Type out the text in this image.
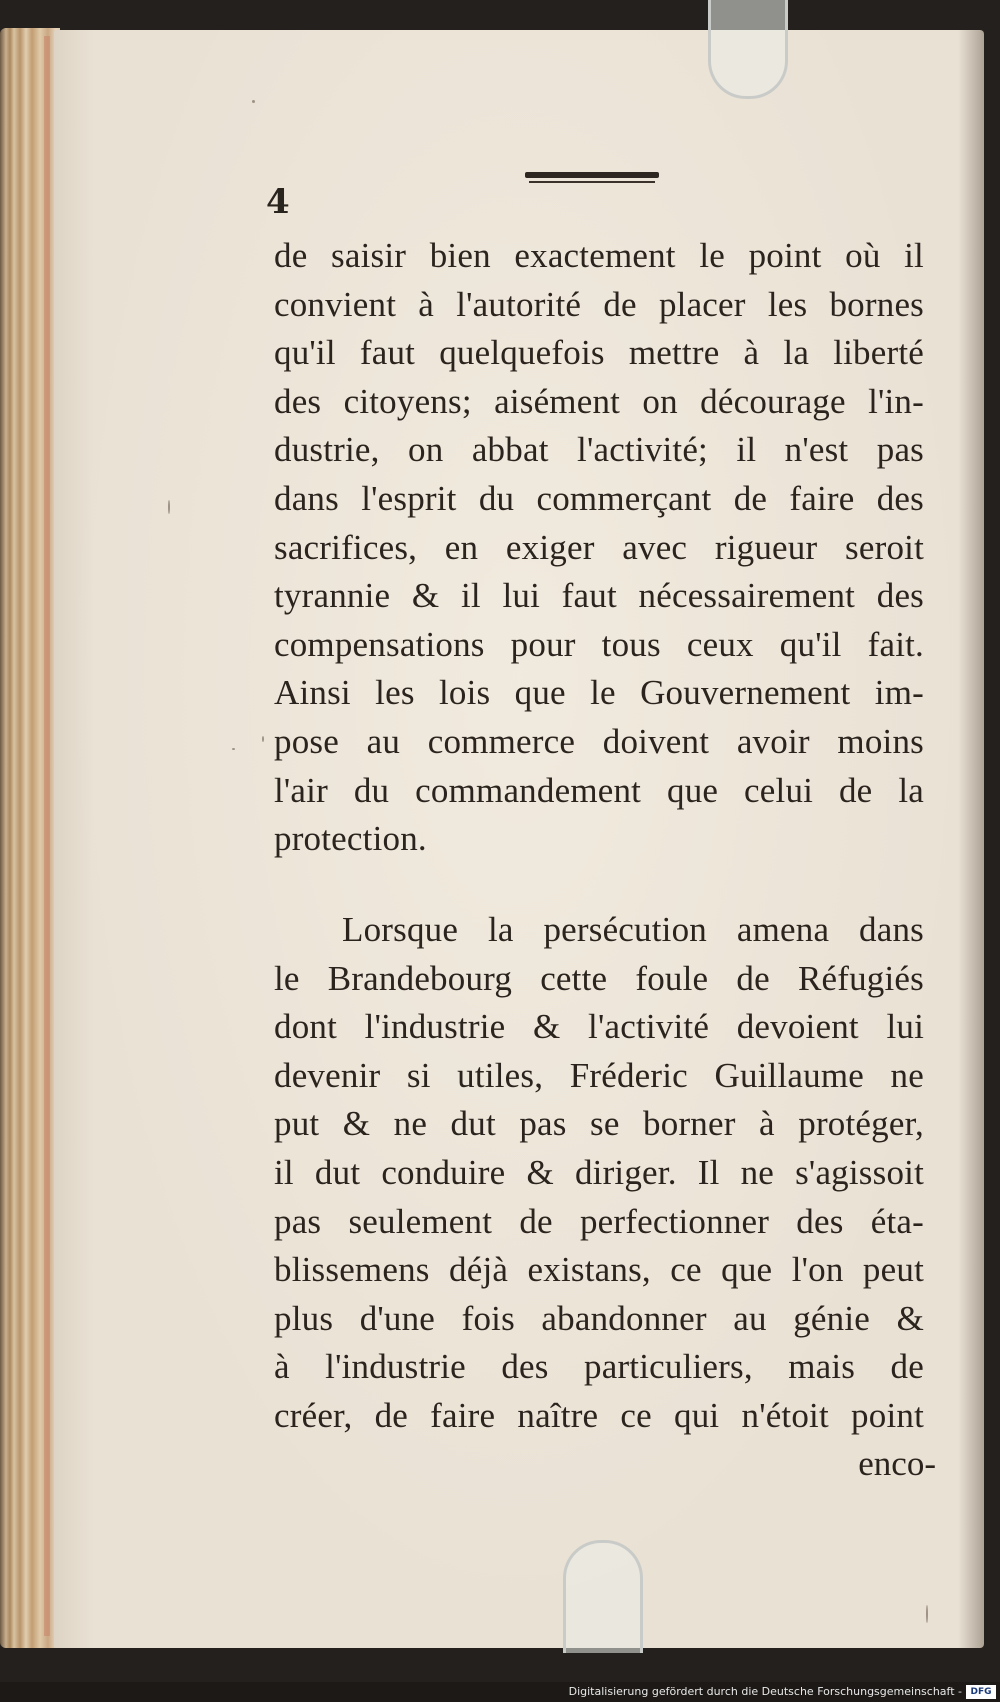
4
de saisir bien exactement le point où il
convient à l'autorité de placer les bornes
qu'il faut quelquefois mettre à la liberté
des citoyens; aisément on décourage l'in-
dustrie, on abbat l'activité; il n'est pas
dans l'esprit du commerçant de faire des
sacrifices, en exiger avec rigueur seroit
tyrannie & il lui faut nécessairement des
compensations pour tous ceux qu'il fait.
Ainsi les lois que le Gouvernement im-
pose au commerce doivent avoir moins
l'air du commandement que celui de la
protection.
Lorsque la persécution amena dans
le Brandebourg cette foule de Réfugiés
dont l'industrie & l'activité devoient lui
devenir si utiles, Fréderic Guillaume ne
put & ne dut pas se borner à protéger,
il dut conduire & diriger. Il ne s'agissoit
pas seulement de perfectionner des éta-
blissemens déjà existans, ce que l'on peut
plus d'une fois abandonner au génie &
à l'industrie des particuliers, mais de
créer, de faire naître ce qui n'étoit point
enco-
Digitalisierung gefördert durch die Deutsche Forschungsgemeinschaft - DFG
